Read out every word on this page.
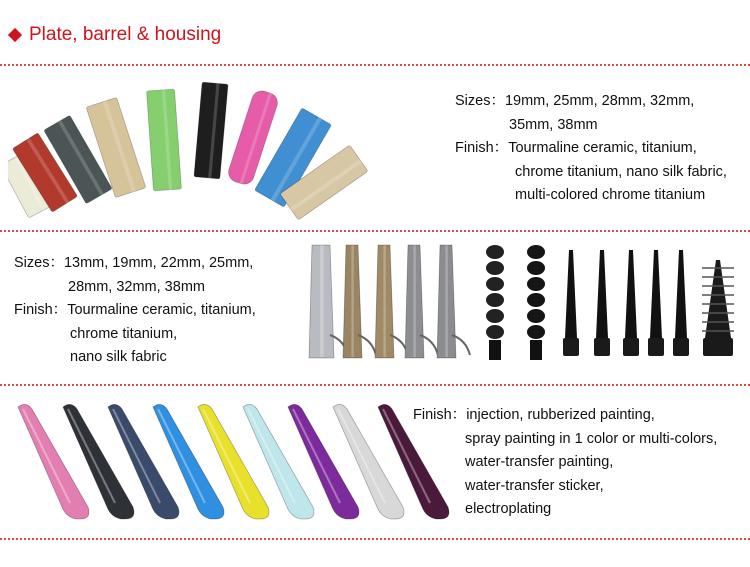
Plate, barrel & housing
Sizes： 19mm, 25mm, 28mm, 32mm,
35mm, 38mm
Finish： Tourmaline ceramic, titanium,
chrome titanium, nano silk fabric,
multi-colored chrome titanium
Sizes： 13mm, 19mm, 22mm, 25mm,
28mm, 32mm, 38mm
Finish： Tourmaline ceramic, titanium,
chrome titanium,
nano silk fabric
Finish： injection, rubberized painting,
spray painting in 1 color or multi-colors,
water-transfer painting,
water-transfer sticker,
electroplating
